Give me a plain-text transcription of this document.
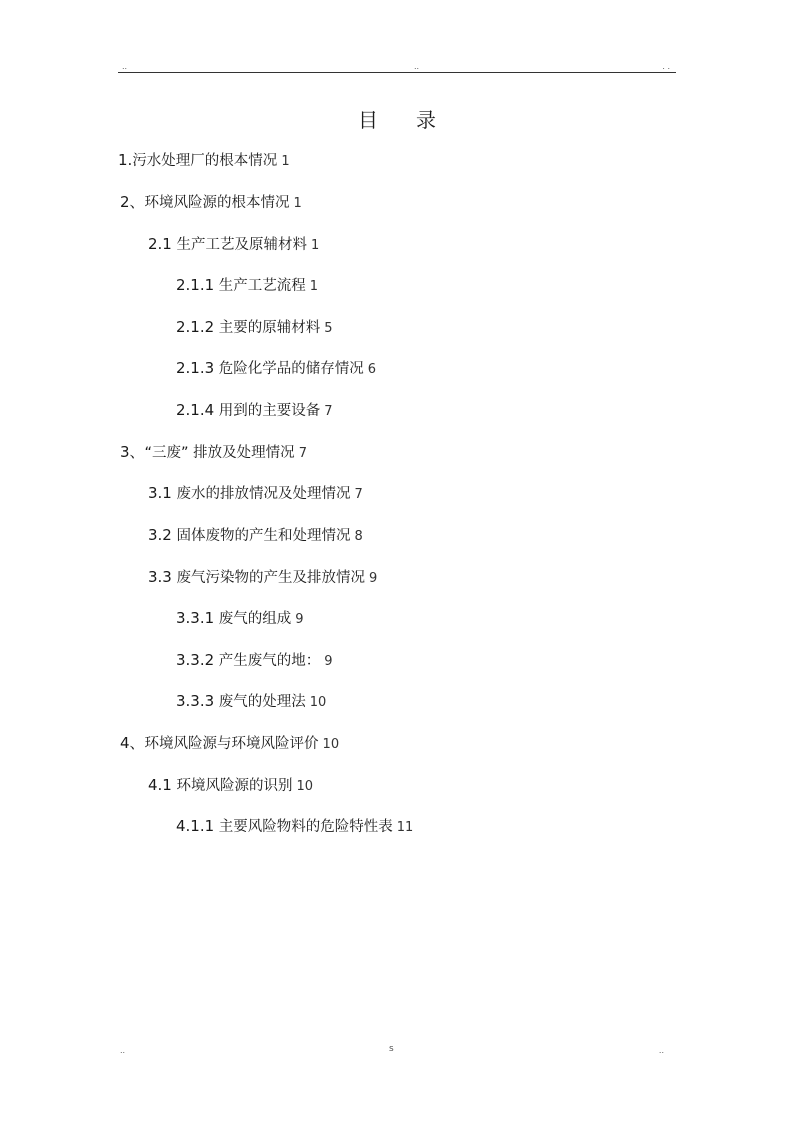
..	..	. .
目 录
1.污水处理厂的根本情况 1
2、环境风险源的根本情况 1
2.1 生产工艺及原辅材料 1
2.1.1 生产工艺流程 1
2.1.2 主要的原辅材料 5
2.1.3 危险化学品的储存情况 6
2.1.4 用到的主要设备 7
3、“三废” 排放及处理情况 7
3.1 废水的排放情况及处理情况 7
3.2 固体废物的产生和处理情况 8
3.3 废气污染物的产生及排放情况 9
3.3.1 废气的组成 9
3.3.2 产生废气的地： 9
3.3.3 废气的处理法 10
4、环境风险源与环境风险评价 10
4.1 环境风险源的识别 10
4.1.1 主要风险物料的危险特性表 11
..	s	..
